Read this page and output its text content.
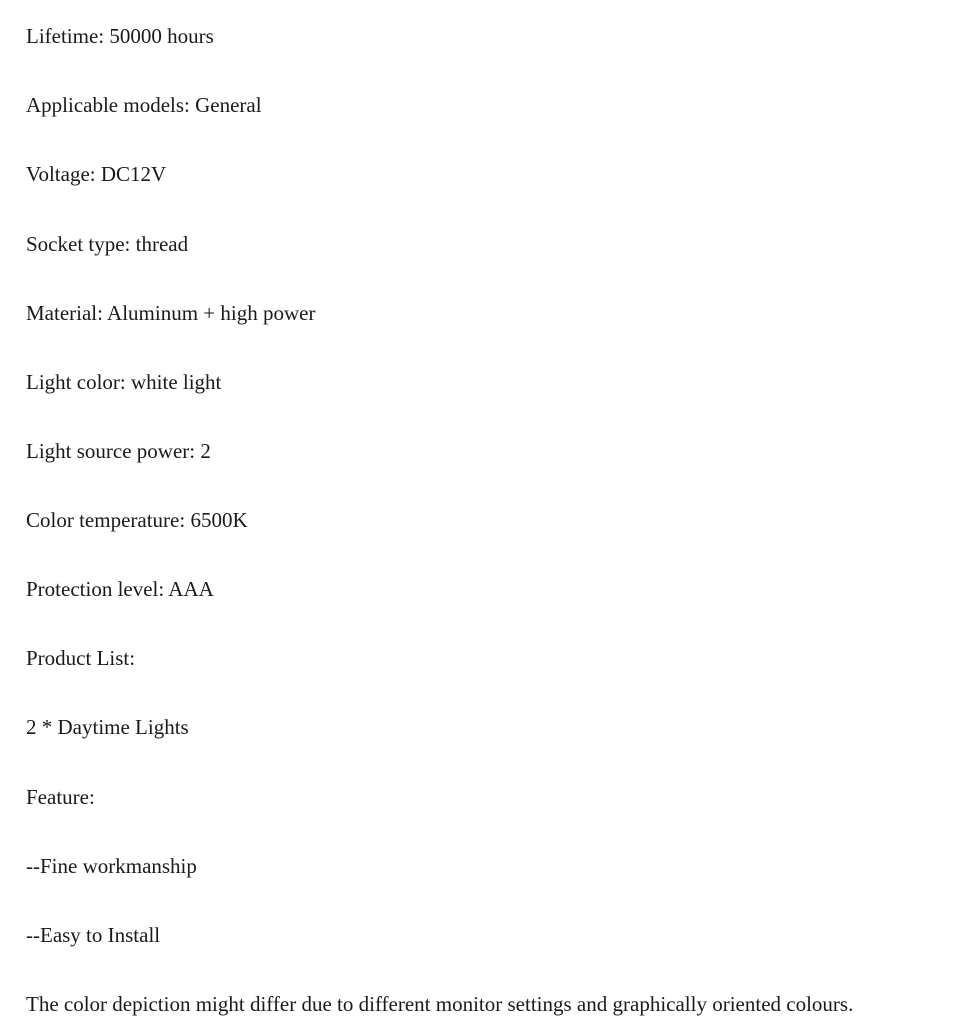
Lifetime: 50000 hours

Applicable models: General

Voltage: DC12V

Socket type: thread

Material: Aluminum + high power

Light color: white light

Light source power: 2

Color temperature: 6500K

Protection level: AAA

Product List:

2 * Daytime Lights

Feature:

--Fine workmanship

--Easy to Install

The color depiction might differ due to different monitor settings and graphically oriented colours.
